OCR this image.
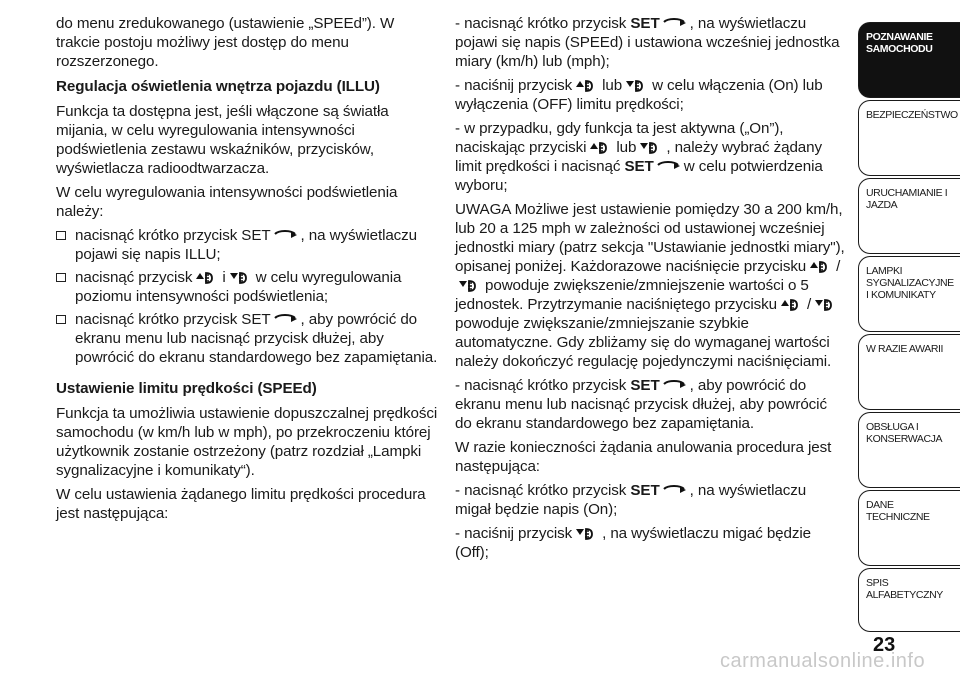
do menu zredukowanego (ustawienie „SPEEd”). W trakcie postoju możliwy jest dostęp do menu rozszerzonego.
Regulacja oświetlenia wnętrza pojazdu (ILLU)
Funkcja ta dostępna jest, jeśli włączone są światła mijania, w celu wyregulowania intensywności podświetlenia zestawu wskaźników, przycisków, wyświetlacza radioodtwarzacza.
W celu wyregulowania intensywności podświetlenia należy:
nacisnąć krótko przycisk SET , na wyświetlaczu pojawi się napis ILLU;
nacisnąć przycisk i w celu wyregulowania poziomu intensywności podświetlenia;
nacisnąć krótko przycisk SET , aby powrócić do ekranu menu lub nacisnąć przycisk dłużej, aby powrócić do ekranu standardowego bez zapamiętania.
Ustawienie limitu prędkości (SPEEd)
Funkcja ta umożliwia ustawienie dopuszczalnej prędkości samochodu (w km/h lub w mph), po przekroczeniu której użytkownik zostanie ostrzeżony (patrz rozdział „Lampki sygnalizacyjne i komunikaty“).
W celu ustawienia żądanego limitu prędkości procedura jest następująca:
- nacisnąć krótko przycisk SET , na wyświetlaczu pojawi się napis (SPEEd) i ustawiona wcześniej jednostka miary (km/h) lub (mph);
- naciśnij przycisk lub w celu włączenia (On) lub wyłączenia (OFF) limitu prędkości;
- w przypadku, gdy funkcja ta jest aktywna („On”), naciskając przyciski lub , należy wybrać żądany limit prędkości i nacisnąć SET w celu potwierdzenia wyboru;
UWAGA Możliwe jest ustawienie pomiędzy 30 a 200 km/h, lub 20 a 125 mph w zależności od ustawionej wcześniej jednostki miary (patrz sekcja "Ustawianie jednostki miary"), opisanej poniżej. Każdorazowe naciśnięcie przycisku /powoduje zwiększenie/zmniejszenie wartości o 5 jednostek. Przytrzymanie naciśniętego przycisku /powoduje zwiększanie/zmniejszanie szybkie automatyczne. Gdy zbliżamy się do wymaganej wartości należy dokończyć regulację pojedynczymi naciśnięciami.
- nacisnąć krótko przycisk SET , aby powrócić do ekranu menu lub nacisnąć przycisk dłużej, aby powrócić do ekranu standardowego bez zapamiętania.
W razie konieczności żądania anulowania procedura jest następująca:
- nacisnąć krótko przycisk SET , na wyświetlaczu migał będzie napis (On);
- naciśnij przycisk , na wyświetlaczu migać będzie (Off);
POZNAWANIE SAMOCHODU
BEZPIECZEŃSTWO
URUCHAMIANIE I JAZDA
LAMPKI SYGNALIZACYJNE I KOMUNIKATY
W RAZIE AWARII
OBSŁUGA I KONSERWACJA
DANE TECHNICZNE
SPIS ALFABETYCZNY
23
carmanualsonline.info
